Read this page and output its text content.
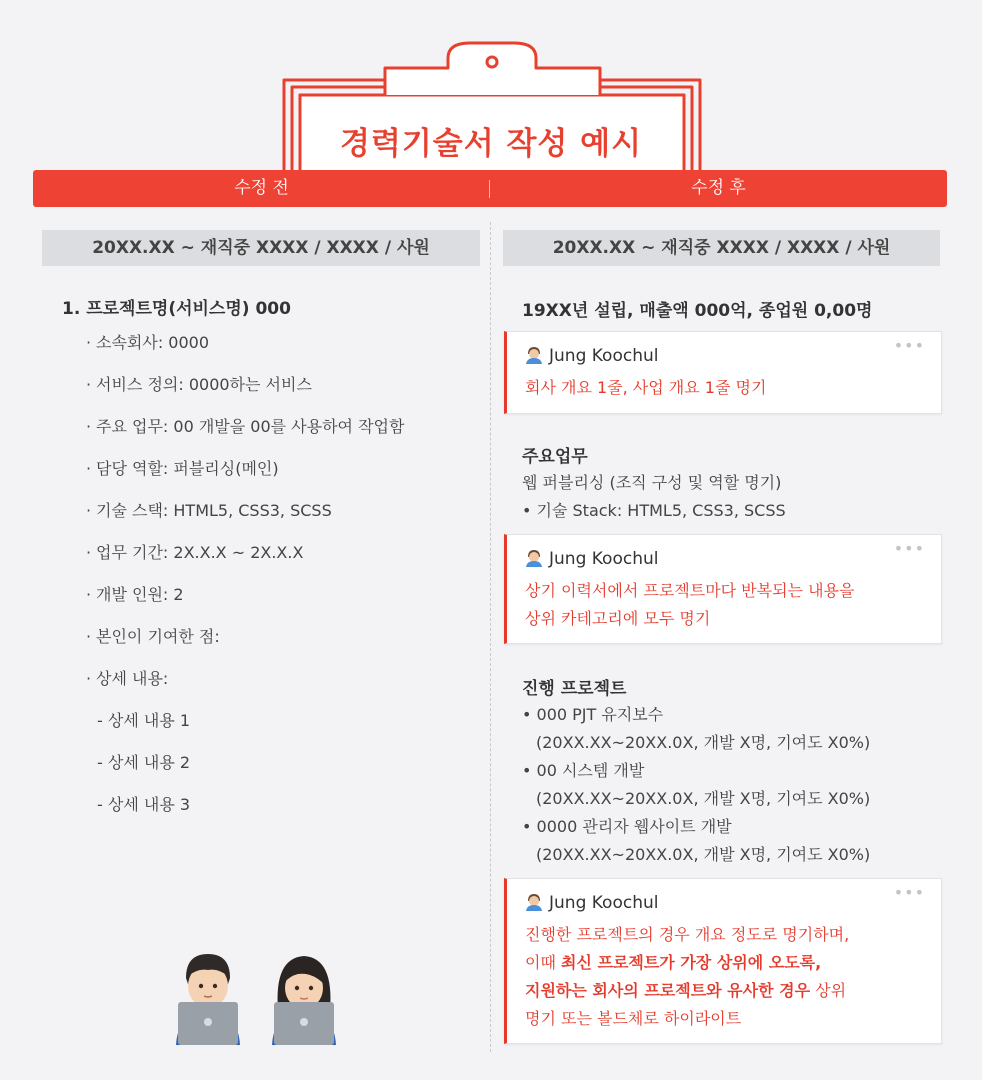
경력기술서 작성 예시
수정 전	수정 후
20XX.XX ~ 재직중 XXXX / XXXX / 사원
1. 프로젝트명(서비스명) 000
· 소속회사: 0000
· 서비스 정의: 0000하는 서비스
· 주요 업무: 00 개발을 00를 사용하여 작업함
· 담당 역할: 퍼블리싱(메인)
· 기술 스택: HTML5, CSS3, SCSS
· 업무 기간: 2X.X.X ~ 2X.X.X
· 개발 인원: 2
· 본인이 기여한 점:
· 상세 내용:
- 상세 내용 1
- 상세 내용 2
- 상세 내용 3
20XX.XX ~ 재직중 XXXX / XXXX / 사원
19XX년 설립, 매출액 000억, 종업원 0,00명
•••
Jung Koochul
회사 개요 1줄, 사업 개요 1줄 명기
주요업무
웹 퍼블리싱 (조직 구성 및 역할 명기)
• 기술 Stack: HTML5, CSS3, SCSS
•••
Jung Koochul
상기 이력서에서 프로젝트마다 반복되는 내용을
상위 카테고리에 모두 명기
진행 프로젝트
• 000 PJT 유지보수
(20XX.XX~20XX.0X, 개발 X명, 기여도 X0%)
• 00 시스템 개발
(20XX.XX~20XX.0X, 개발 X명, 기여도 X0%)
• 0000 관리자 웹사이트 개발
(20XX.XX~20XX.0X, 개발 X명, 기여도 X0%)
•••
Jung Koochul
진행한 프로젝트의 경우 개요 정도로 명기하며,
이때 최신 프로젝트가 가장 상위에 오도록,
지원하는 회사의 프로젝트와 유사한 경우 상위
명기 또는 볼드체로 하이라이트
